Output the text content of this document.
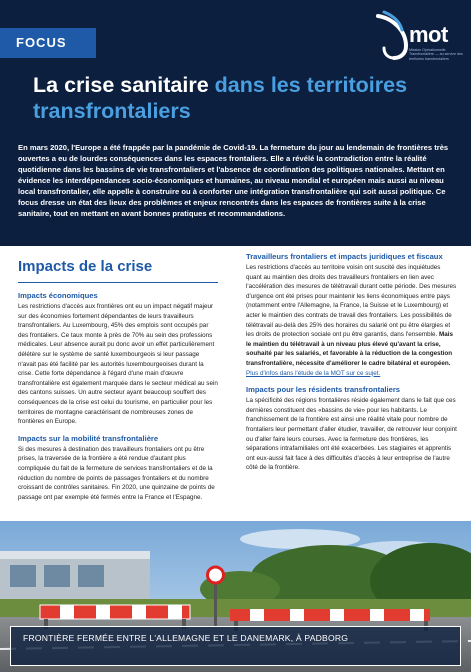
FOCUS	mot
Mission Opérationnelle Transfrontalière — au service des territoires transfrontaliers
La crise sanitaire dans les territoires transfrontaliers

En mars 2020, l'Europe a été frappée par la pandémie de Covid-19. La fermeture du jour au lendemain de frontières très ouvertes a eu de lourdes conséquences dans les espaces frontaliers. Elle a révélé la contradiction entre la réalité quotidienne dans les bassins de vie transfrontaliers et l'absence de coordination des politiques nationales. Mettant en évidence les interdépendances socio-économiques et humaines, au niveau mondial et européen mais aussi au niveau local transfrontalier, elle appelle à construire ou à conforter une intégration transfrontalière qui soit aussi politique. Ce focus dresse un état des lieux des problèmes et enjeux rencontrés dans les espaces de frontières suite à la crise sanitaire, tout en mettant en avant bonnes pratiques et recommandations.

Impacts de la crise
Impacts économiques

Les restrictions d'accès aux frontières ont eu un impact négatif majeur sur des économies fortement dépendantes de leurs travailleurs transfrontaliers. Au Luxembourg, 45% des emplois sont occupés par des frontaliers. Ce taux monte à près de 70% au sein des professions médicales. Leur absence aurait pu donc avoir un effet particulièrement délétère sur le système de santé luxembourgeois si leur passage n'avait pas été facilité par les autorités luxembourgeoises durant la crise. Cette forte dépendance à l'égard d'une main d'œuvre transfrontalière est également marquée dans le secteur médical au sein des cantons suisses. Un autre secteur ayant beaucoup souffert des conséquences de la crise est celui du tourisme, en particulier pour les territoires de montagne caractérisant de nombreuses zones de frontières en Europe.

Impacts sur la mobilité transfrontalière

Si des mesures à destination des travailleurs frontaliers ont pu être prises, la traversée de la frontière a été rendue d'autant plus compliquée du fait de la fermeture de services transfrontaliers et de la réduction du nombre de points de passages frontaliers et du nombre croissant de contrôles sanitaires. Fin 2020, une quinzaine de points de passage ont par exemple été fermés entre la France et l'Espagne.

Travailleurs frontaliers et impacts juridiques et fiscaux

Les restrictions d'accès au territoire voisin ont suscité des inquiétudes quant au maintien des droits des travailleurs frontaliers en lien avec l'accélération des mesures de télétravail durant cette période. Des mesures d'urgence ont été prises pour maintenir les liens économiques entre pays (notamment entre l'Allemagne, la France, la Suisse et le Luxembourg) et acter le maintien des contrats de travail des frontaliers. Les possibilités de télétravail au-delà des 25% des horaires du salarié ont pu être élargies et les droits de protection sociale ont pu être garantis, dans l'ensemble. Mais le maintien du télétravail à un niveau plus élevé qu'avant la crise, souhaité par les salariés, et favorable à la réduction de la congestion transfrontalière, nécessite d'améliorer le cadre bilatéral et européen.
Plus d'infos dans l'étude de la MOT sur ce sujet.

Impacts pour les résidents transfrontaliers

La spécificité des régions frontalières réside également dans le fait que ces dernières constituent des «bassins de vie» pour les habitants. Le franchissement de la frontière est ainsi une réalité vitale pour nombre de frontaliers leur permettant d'aller étudier, travailler, de retrouver leur conjoint ou d'aller faire leurs courses. Avec la fermeture des frontières, les séparations intrafamiliales ont été exacerbées. Les stagiaires et apprentis ont eux-aussi fait face à des difficultés d'accès à leur entreprise de l'autre côté de la frontière.

FRONTIÈRE FERMÉE ENTRE L'ALLEMAGNE ET LE DANEMARK, À PADBORG
